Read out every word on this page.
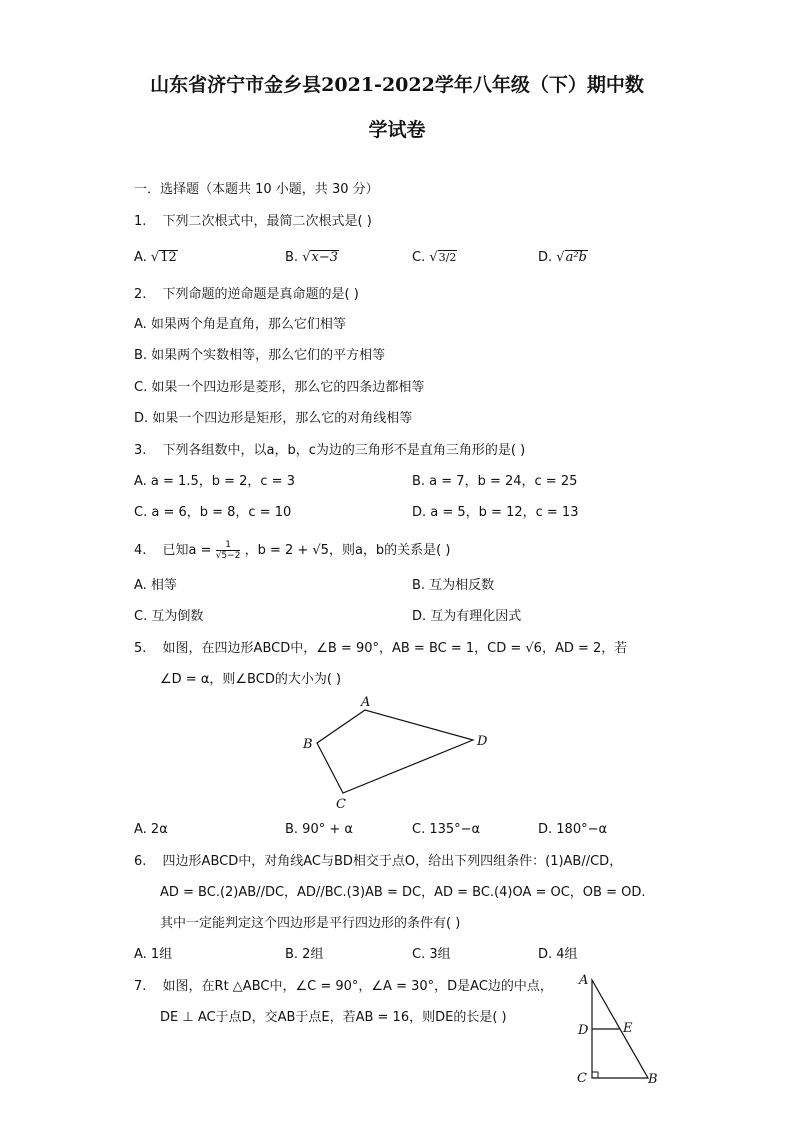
山东省济宁市金乡县2021-2022学年八年级（下）期中数
学试卷
一．选择题（本题共 10 小题，共 30 分）
1. 下列二次根式中，最简二次根式是( )
A. √12	B. √x−3	C. √3/2	D. √a²b
2. 下列命题的逆命题是真命题的是( )
A. 如果两个角是直角，那么它们相等
B. 如果两个实数相等，那么它们的平方相等
C. 如果一个四边形是菱形，那么它的四条边都相等
D. 如果一个四边形是矩形，那么它的对角线相等
3. 下列各组数中，以a，b，c为边的三角形不是直角三角形的是( )
A. a = 1.5，b = 2，c = 3	B. a = 7，b = 24，c = 25
C. a = 6，b = 8，c = 10	D. a = 5，b = 12，c = 13
4. 已知$a = \frac{1}{√5-2}$ ，b = 2 + √5，则a，b的关系是( )
A. 相等	B. 互为相反数
C. 互为倒数	D. 互为有理化因式
5. 如图，在四边形ABCD中，∠B = 90°，AB = BC = 1，CD = √6，AD = 2，若
∠D = α，则∠BCD的大小为( )
A
B
C
D
A. 2α	B. 90° + α	C. 135°−α	D. 180°−α
6. 四边形ABCD中，对角线AC与BD相交于点O，给出下列四组条件：(1)AB//CD，
AD = BC.(2)AB//DC，AD//BC.(3)AB = DC，AD = BC.(4)OA = OC，OB = OD.
其中一定能判定这个四边形是平行四边形的条件有( )
A. 1组	B. 2组	C. 3组	D. 4组
7. 如图，在Rt △ABC中，∠C = 90°，∠A = 30°，D是AC边的中点，
DE ⊥ AC于点D，交AB于点E，若AB = 16，则DE的长是( )
A
D	E
C	B
